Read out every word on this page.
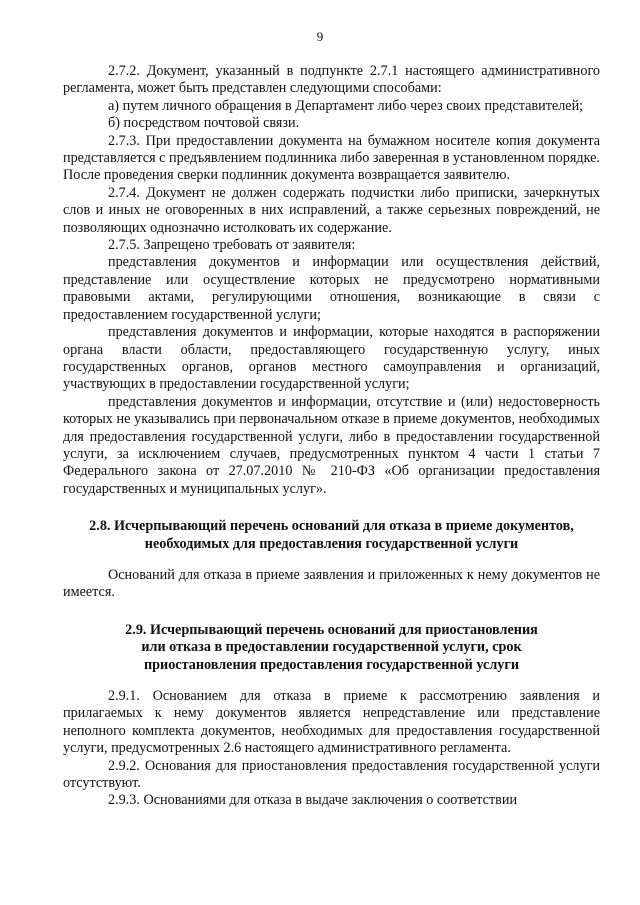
9

2.7.2. Документ, указанный в подпункте 2.7.1 настоящего административного регламента, может быть представлен следующими способами:

а) путем личного обращения в Департамент либо через своих представителей;

б) посредством почтовой связи.

2.7.3. При предоставлении документа на бумажном носителе копия документа представляется с предъявлением подлинника либо заверенная в установленном порядке. После проведения сверки подлинник документа возвращается заявителю.

2.7.4. Документ не должен содержать подчистки либо приписки, зачеркнутых слов и иных не оговоренных в них исправлений, а также серьезных повреждений, не позволяющих однозначно истолковать их содержание.

2.7.5. Запрещено требовать от заявителя:

представления документов и информации или осуществления действий, представление или осуществление которых не предусмотрено нормативными правовыми актами, регулирующими отношения, возникающие в связи с предоставлением государственной услуги;

представления документов и информации, которые находятся в распоряжении органа власти области, предоставляющего государственную услугу, иных государственных органов, органов местного самоуправления и организаций, участвующих в предоставлении государственной услуги;

представления документов и информации, отсутствие и (или) недостоверность которых не указывались при первоначальном отказе в приеме документов, необходимых для предоставления государственной услуги, либо в предоставлении государственной услуги, за исключением случаев, предусмотренных пунктом 4 части 1 статьи 7 Федерального закона от 27.07.2010 № 210-ФЗ «Об организации предоставления государственных и муниципальных услуг».

2.8. Исчерпывающий перечень оснований для отказа в приеме документов, необходимых для предоставления государственной услуги

Оснований для отказа в приеме заявления и приложенных к нему документов не имеется.

2.9. Исчерпывающий перечень оснований для приостановления
или отказа в предоставлении государственной услуги, срок
приостановления предоставления государственной услуги

2.9.1. Основанием для отказа в приеме к рассмотрению заявления и прилагаемых к нему документов является непредставление или представление неполного комплекта документов, необходимых для предоставления государственной услуги, предусмотренных 2.6 настоящего административного регламента.

2.9.2. Основания для приостановления предоставления государственной услуги отсутствуют.

2.9.3. Основаниями для отказа в выдаче заключения о соответствии
